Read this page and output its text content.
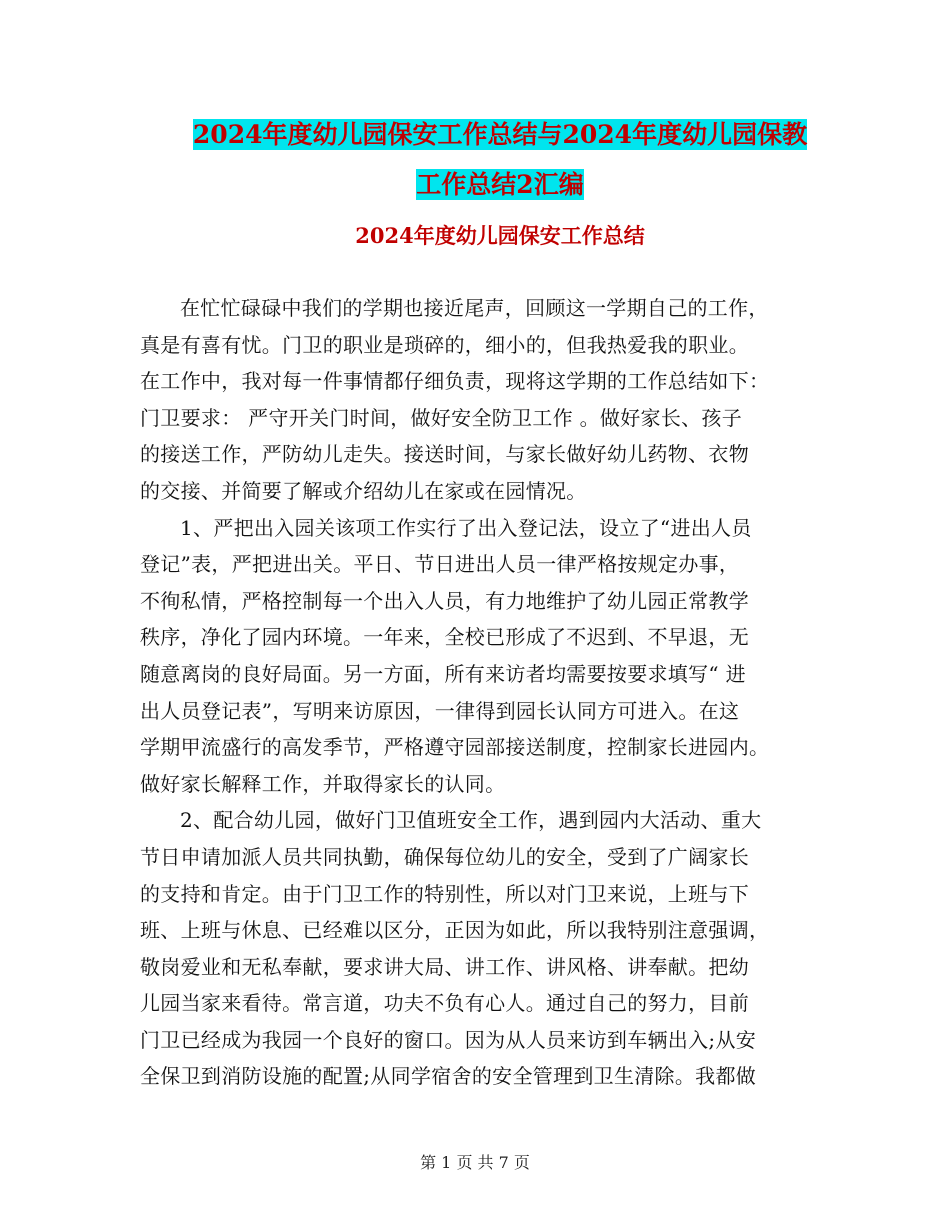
2024年度幼儿园保安工作总结与2024年度幼儿园保教
工作总结2汇编
2024年度幼儿园保安工作总结
在忙忙碌碌中我们的学期也接近尾声，回顾这一学期自己的工作，
真是有喜有忧。门卫的职业是琐碎的，细小的，但我热爱我的职业。
在工作中，我对每一件事情都仔细负责，现将这学期的工作总结如下：
门卫要求： 严守开关门时间，做好安全防卫工作 。做好家长、孩子
的接送工作，严防幼儿走失。接送时间，与家长做好幼儿药物、衣物
的交接、并简要了解或介绍幼儿在家或在园情况。
1、严把出入园关该项工作实行了出入登记法，设立了“进出人员
登记”表，严把进出关。平日、节日进出人员一律严格按规定办事，
不徇私情，严格控制每一个出入人员，有力地维护了幼儿园正常教学
秩序，净化了园内环境。一年来，全校已形成了不迟到、不早退，无
随意离岗的良好局面。另一方面，所有来访者均需要按要求填写“ 进
出人员登记表”，写明来访原因，一律得到园长认同方可进入。在这
学期甲流盛行的高发季节，严格遵守园部接送制度，控制家长进园内。
做好家长解释工作，并取得家长的认同。
2、配合幼儿园，做好门卫值班安全工作，遇到园内大活动、重大
节日申请加派人员共同执勤，确保每位幼儿的安全，受到了广阔家长
的支持和肯定。由于门卫工作的特别性，所以对门卫来说，上班与下
班、上班与休息、已经难以区分，正因为如此，所以我特别注意强调，
敬岗爱业和无私奉献，要求讲大局、讲工作、讲风格、讲奉献。把幼
儿园当家来看待。常言道，功夫不负有心人。通过自己的努力，目前
门卫已经成为我园一个良好的窗口。因为从人员来访到车辆出入;从安
全保卫到消防设施的配置;从同学宿舍的安全管理到卫生清除。我都做
第 1 页 共 7 页
